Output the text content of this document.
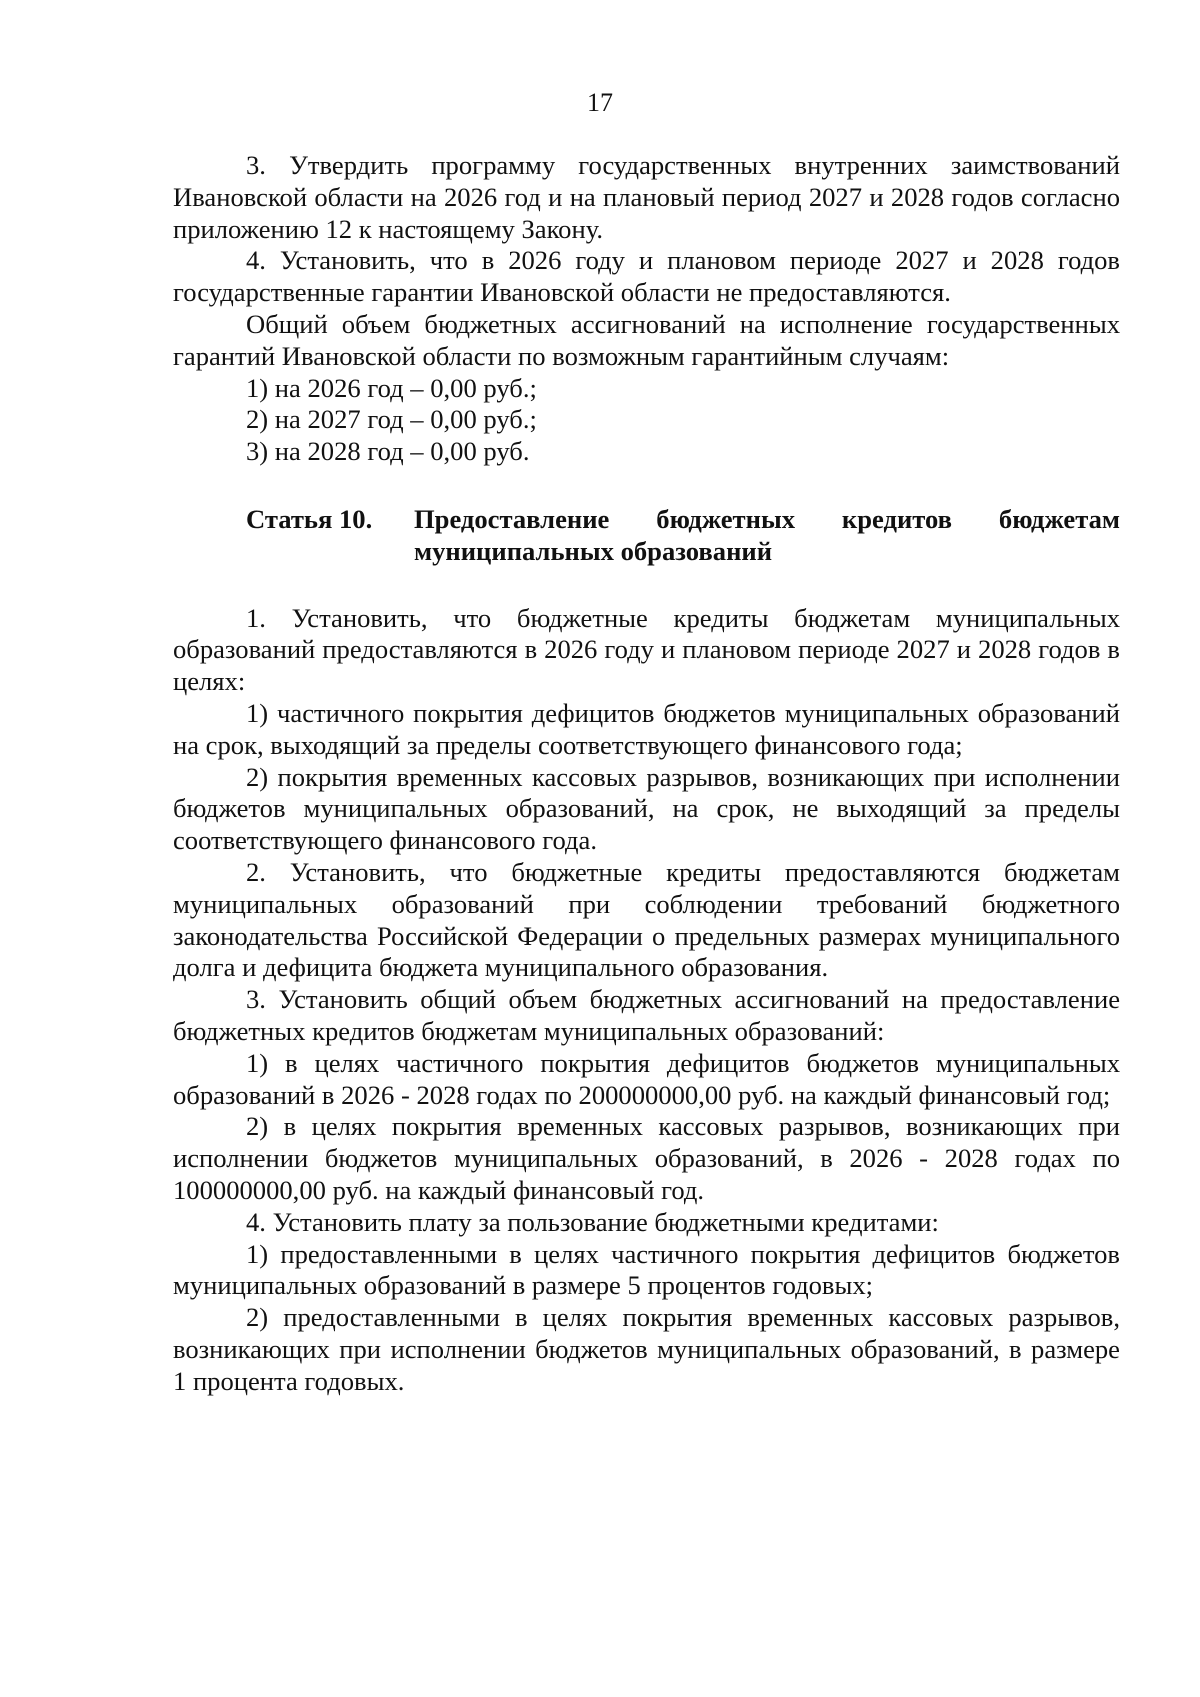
17

3. Утвердить программу государственных внутренних заимствований Ивановской области на 2026 год и на плановый период 2027 и 2028 годов согласно приложению 12 к настоящему Закону.

4. Установить, что в 2026 году и плановом периоде 2027 и 2028 годов государственные гарантии Ивановской области не предоставляются.

Общий объем бюджетных ассигнований на исполнение государственных гарантий Ивановской области по возможным гарантийным случаям:

1) на 2026 год – 0,00 руб.;

2) на 2027 год – 0,00 руб.;

3) на 2028 год – 0,00 руб.

Статья 10.	Предоставление бюджетных кредитов бюджетам муниципальных образований

1. Установить, что бюджетные кредиты бюджетам муниципальных образований предоставляются в 2026 году и плановом периоде 2027 и 2028 годов в целях:

1) частичного покрытия дефицитов бюджетов муниципальных образований на срок, выходящий за пределы соответствующего финансового года;

2) покрытия временных кассовых разрывов, возникающих при исполнении бюджетов муниципальных образований, на срок, не выходящий за пределы соответствующего финансового года.

2. Установить, что бюджетные кредиты предоставляются бюджетам муниципальных образований при соблюдении требований бюджетного законодательства Российской Федерации о предельных размерах муниципального долга и дефицита бюджета муниципального образования.

3. Установить общий объем бюджетных ассигнований на предоставление бюджетных кредитов бюджетам муниципальных образований:

1) в целях частичного покрытия дефицитов бюджетов муниципальных образований в 2026 - 2028 годах по 200000000,00 руб. на каждый финансовый год;

2) в целях покрытия временных кассовых разрывов, возникающих при исполнении бюджетов муниципальных образований, в 2026 - 2028 годах по 100000000,00 руб. на каждый финансовый год.

4. Установить плату за пользование бюджетными кредитами:

1) предоставленными в целях частичного покрытия дефицитов бюджетов муниципальных образований в размере 5 процентов годовых;

2) предоставленными в целях покрытия временных кассовых разрывов, возникающих при исполнении бюджетов муниципальных образований, в размере 1 процента годовых.
